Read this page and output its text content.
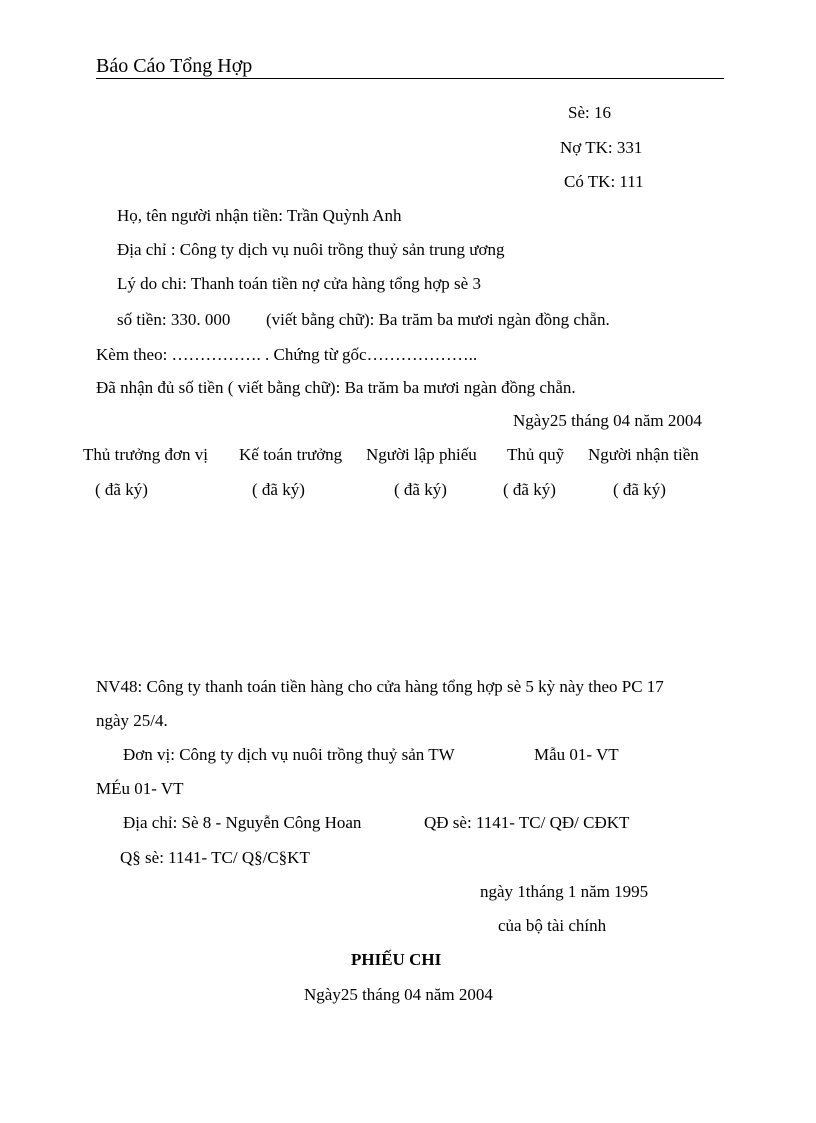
Báo Cáo Tổng Hợp
Sè: 16
Nợ TK: 331
Có TK: 111
Họ, tên người nhận tiền: Trần Quỳnh Anh
Địa chỉ : Công ty dịch vụ nuôi trồng thuỷ sản trung ương
Lý do chi: Thanh toán tiền nợ cửa hàng tổng hợp sè 3
số tiền: 330. 000 (viết bằng chữ): Ba trăm ba mươi ngàn đồng chẵn.
Kèm theo: ……………. . Chứng từ gốc………………..
Đã nhận đủ số tiền ( viết bằng chữ): Ba trăm ba mươi ngàn đồng chẵn.
Ngày25 tháng 04 năm 2004
Thủ trưởng đơn vị Kế toán trưởng Người lập phiếu Thủ quỹ Người nhận tiền
( đã ký)	( đã ký)	( đã ký)	( đã ký)	( đã ký)
NV48: Công ty thanh toán tiền hàng cho cửa hàng tổng hợp sè 5 kỳ này theo PC 17
ngày 25/4.
Đơn vị: Công ty dịch vụ nuôi trồng thuỷ sản TW	Mẫu 01- VT
MÉu 01- VT
Địa chỉ: Sè 8 - Nguyễn Công Hoan	QĐ sè: 1141- TC/ QĐ/ CĐKT
Q§ sè: 1141- TC/ Q§/C§KT
ngày 1tháng 1 năm 1995
của bộ tài chính
PHIẾU CHI
Ngày25 tháng 04 năm 2004
